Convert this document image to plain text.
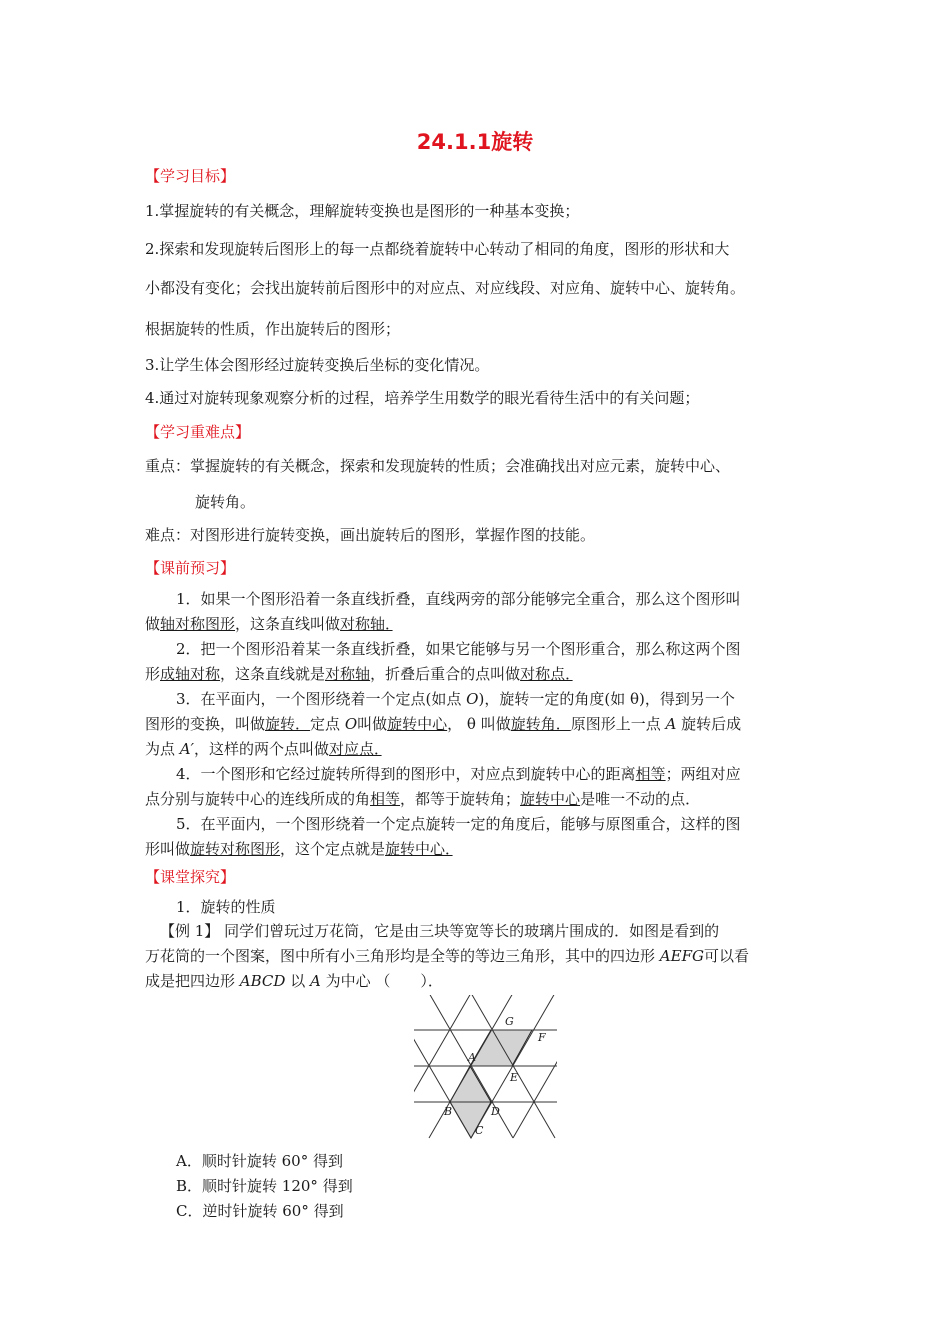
24.1.1旋转
【学习目标】
1.掌握旋转的有关概念，理解旋转变换也是图形的一种基本变换；
2.探索和发现旋转后图形上的每一点都绕着旋转中心转动了相同的角度，图形的形状和大
小都没有变化；会找出旋转前后图形中的对应点、对应线段、对应角、旋转中心、旋转角。
根据旋转的性质，作出旋转后的图形；
3.让学生体会图形经过旋转变换后坐标的变化情况。
4.通过对旋转现象观察分析的过程，培养学生用数学的眼光看待生活中的有关问题；
【学习重难点】
重点：掌握旋转的有关概念，探索和发现旋转的性质；会准确找出对应元素，旋转中心、
旋转角。
难点：对图形进行旋转变换，画出旋转后的图形，掌握作图的技能。
【课前预习】
1．如果一个图形沿着一条直线折叠，直线两旁的部分能够完全重合，那么这个图形叫
做轴对称图形，这条直线叫做对称轴．　
2．把一个图形沿着某一条直线折叠，如果它能够与另一个图形重合，那么称这两个图
形成轴对称，这条直线就是对称轴，折叠后重合的点叫做对称点．　
3．在平面内，一个图形绕着一个定点(如点 O)，旋转一定的角度(如 θ)，得到另一个
图形的变换，叫做旋转．定点 O叫做旋转中心， θ 叫做旋转角．原图形上一点 A 旋转后成
为点 A′，这样的两个点叫做对应点．　
4．一个图形和它经过旋转所得到的图形中，对应点到旋转中心的距离相等；两组对应
点分别与旋转中心的连线所成的角相等，都等于旋转角；旋转中心是唯一不动的点．
5．在平面内，一个图形绕着一个定点旋转一定的角度后，能够与原图重合，这样的图
形叫做旋转对称图形，这个定点就是旋转中心．　
【课堂探究】
1．旋转的性质
【例 1】 同学们曾玩过万花筒，它是由三块等宽等长的玻璃片围成的．如图是看到的
万花筒的一个图案，图中所有小三角形均是全等的等边三角形，其中的四边形 AEFG可以看
成是把四边形 ABCD 以 A 为中心 （　　）．
G
F
A
E
B	D
C
A．顺时针旋转 60° 得到
B．顺时针旋转 120° 得到
C．逆时针旋转 60° 得到
